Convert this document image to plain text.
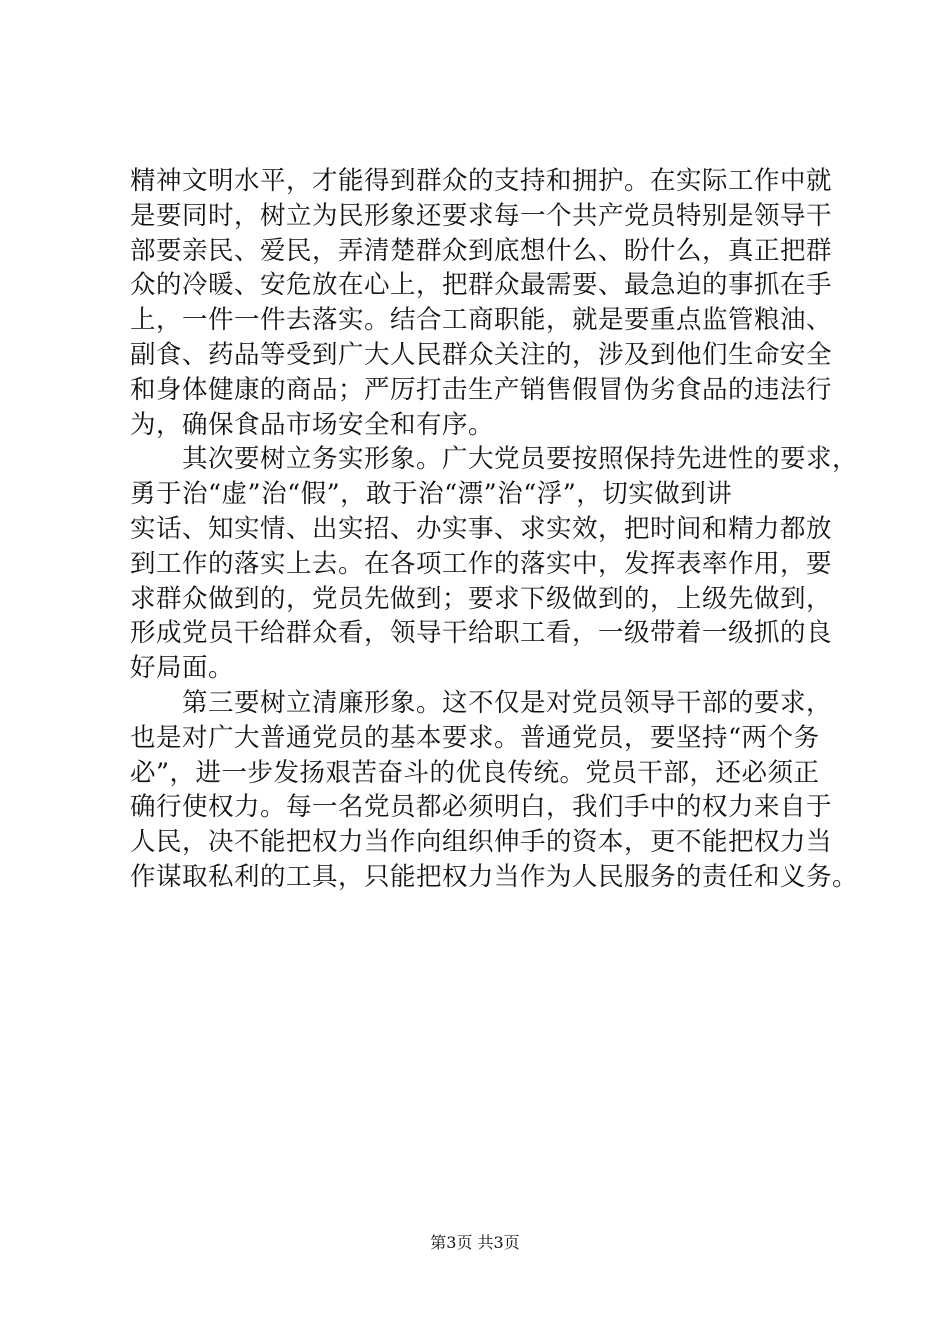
精神文明水平，才能得到群众的支持和拥护。在实际工作中就
是要同时，树立为民形象还要求每一个共产党员特别是领导干
部要亲民、爱民，弄清楚群众到底想什么、盼什么，真正把群
众的冷暖、安危放在心上，把群众最需要、最急迫的事抓在手
上，一件一件去落实。结合工商职能，就是要重点监管粮油、
副食、药品等受到广大人民群众关注的，涉及到他们生命安全
和身体健康的商品；严厉打击生产销售假冒伪劣食品的违法行
为，确保食品市场安全和有序。
　　其次要树立务实形象。广大党员要按照保持先进性的要求，
勇于治“虚”治“假”，敢于治“漂”治“浮”，切实做到讲
实话、知实情、出实招、办实事、求实效，把时间和精力都放
到工作的落实上去。在各项工作的落实中，发挥表率作用，要
求群众做到的，党员先做到；要求下级做到的，上级先做到，
形成党员干给群众看，领导干给职工看，一级带着一级抓的良
好局面。
　　第三要树立清廉形象。这不仅是对党员领导干部的要求，
也是对广大普通党员的基本要求。普通党员，要坚持“两个务
必”，进一步发扬艰苦奋斗的优良传统。党员干部，还必须正
确行使权力。每一名党员都必须明白，我们手中的权力来自于
人民，决不能把权力当作向组织伸手的资本，更不能把权力当
作谋取私利的工具，只能把权力当作为人民服务的责任和义务。
第3页 共3页
